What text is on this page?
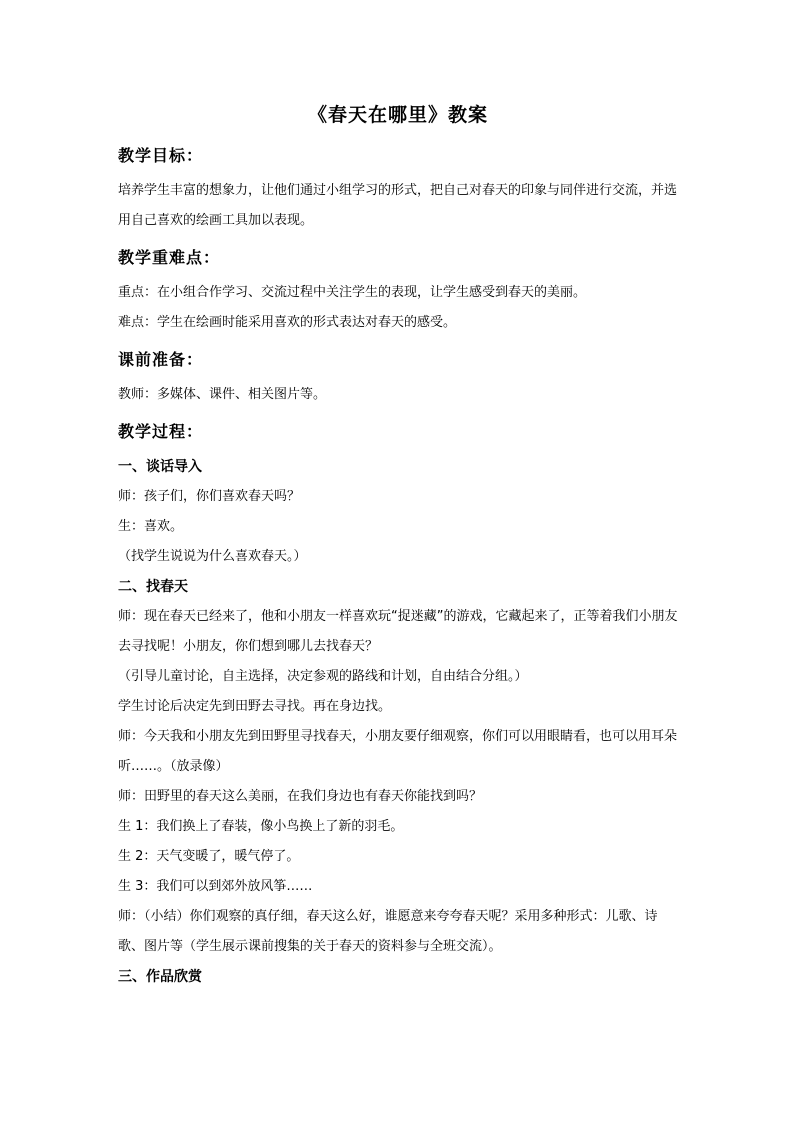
《春天在哪里》教案
教学目标：

培养学生丰富的想象力，让他们通过小组学习的形式，把自己对春天的印象与同伴进行交流，并选用自己喜欢的绘画工具加以表现。

教学重难点：

重点：在小组合作学习、交流过程中关注学生的表现，让学生感受到春天的美丽。

难点：学生在绘画时能采用喜欢的形式表达对春天的感受。

课前准备：

教师：多媒体、课件、相关图片等。

教学过程：
一、谈话导入

师：孩子们，你们喜欢春天吗？

生：喜欢。

（找学生说说为什么喜欢春天。）

二、找春天

师：现在春天已经来了，他和小朋友一样喜欢玩“捉迷藏”的游戏，它藏起来了，正等着我们小朋友去寻找呢！小朋友，你们想到哪儿去找春天？

（引导儿童讨论，自主选择，决定参观的路线和计划，自由结合分组。）

学生讨论后决定先到田野去寻找。再在身边找。

师：今天我和小朋友先到田野里寻找春天，小朋友要仔细观察，你们可以用眼睛看，也可以用耳朵听……。（放录像）

师：田野里的春天这么美丽，在我们身边也有春天你能找到吗？

生 1：我们换上了春装，像小鸟换上了新的羽毛。

生 2：天气变暖了，暖气停了。

生 3：我们可以到郊外放风筝……

师：（小结）你们观察的真仔细，春天这么好，谁愿意来夸夸春天呢？采用多种形式：儿歌、诗歌、图片等（学生展示课前搜集的关于春天的资料参与全班交流）。

三、作品欣赏
